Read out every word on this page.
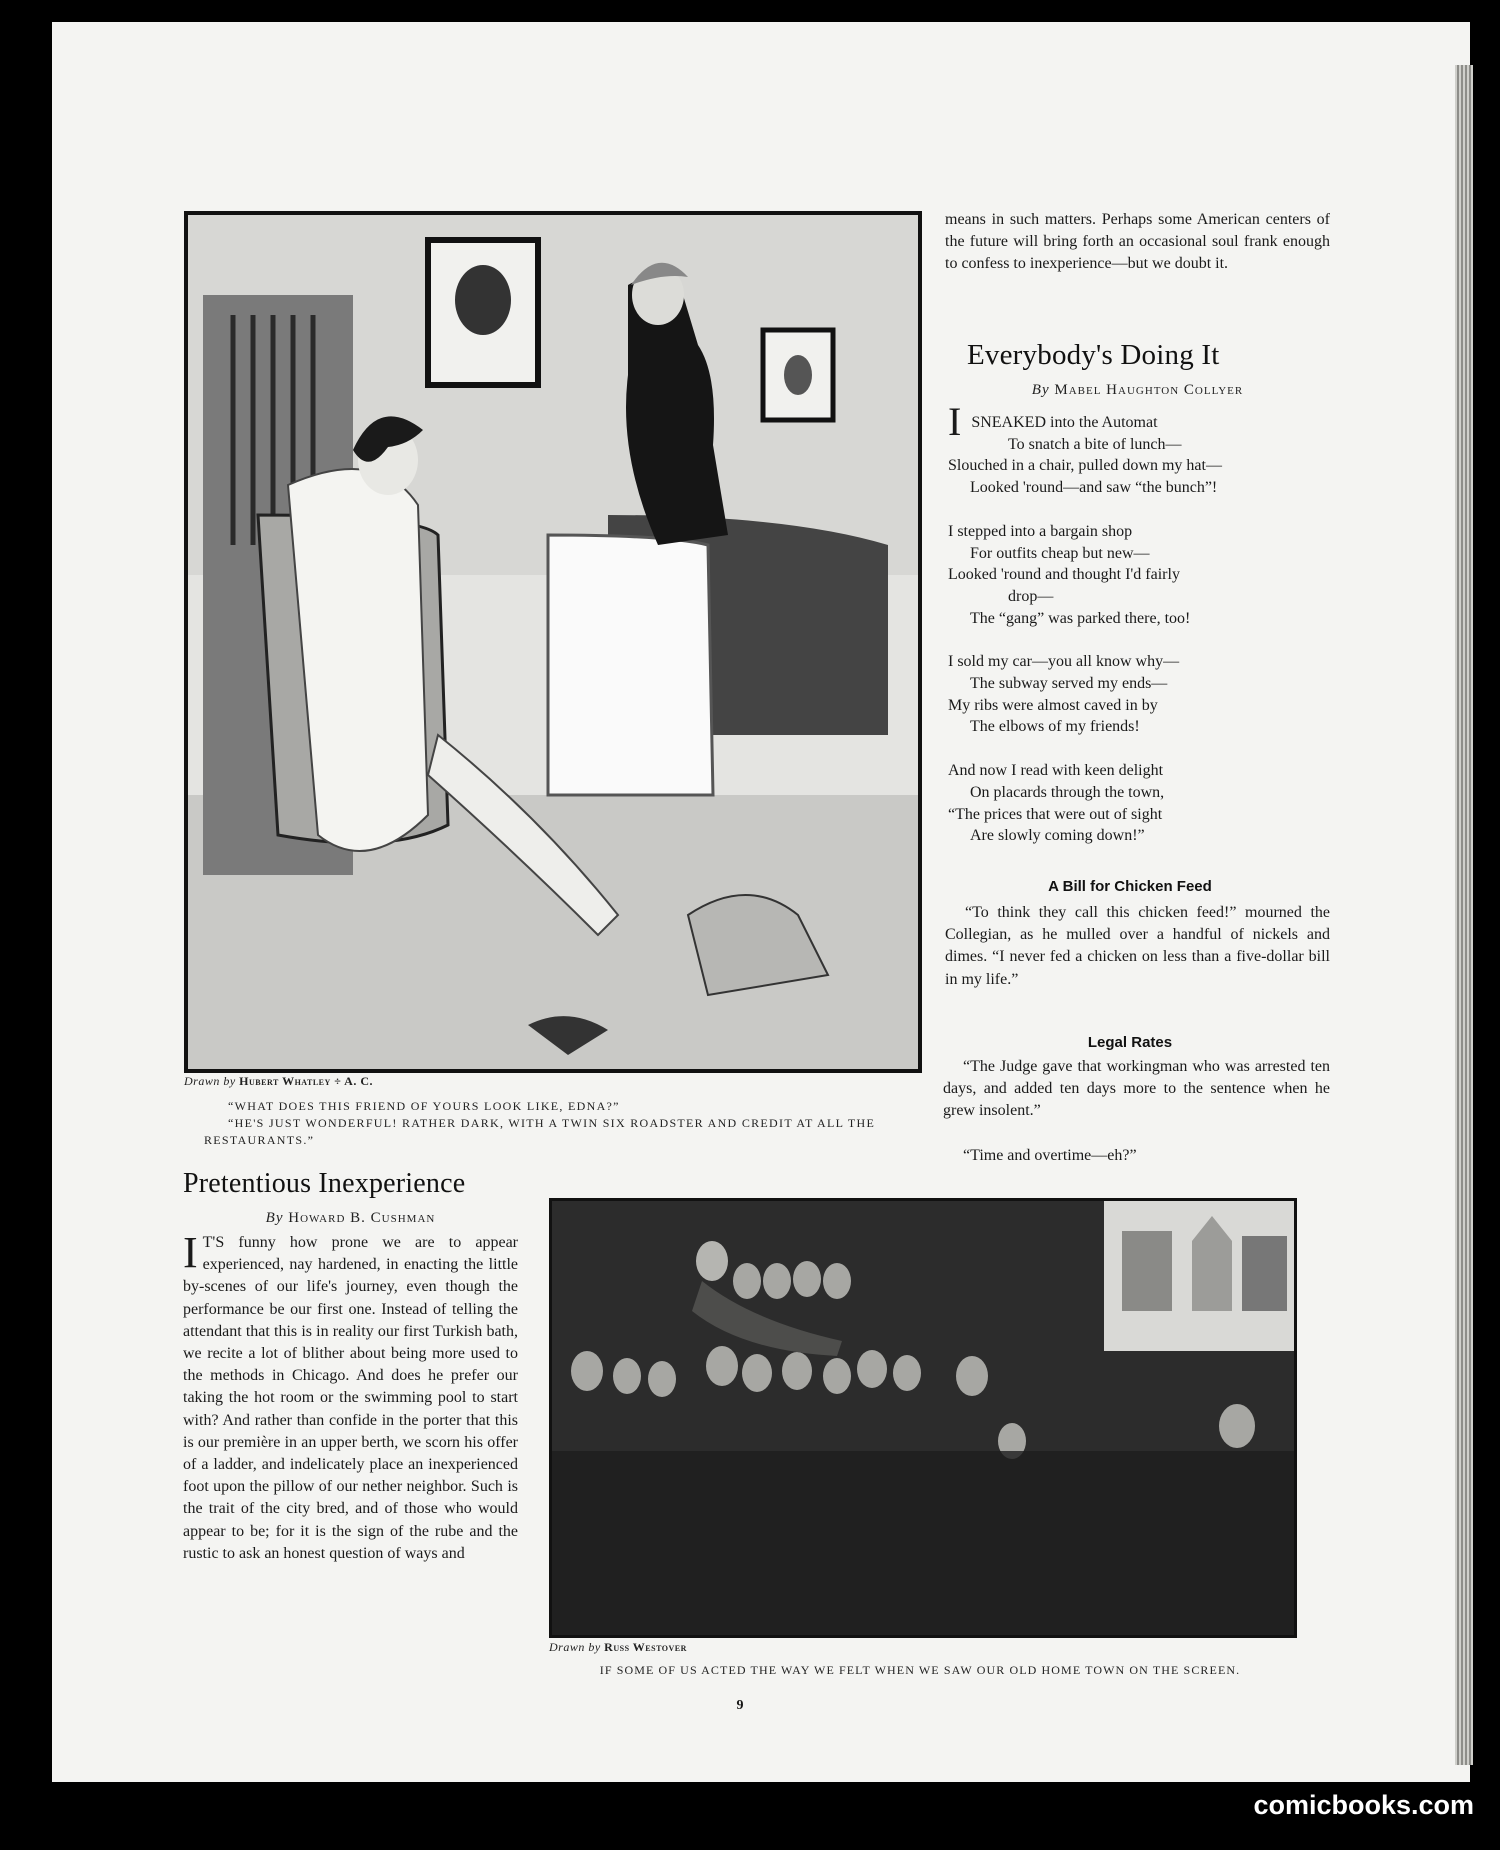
Drawn by Hubert Whatley ÷ A. C.
“WHAT DOES THIS FRIEND OF YOURS LOOK LIKE, EDNA?”
“HE'S JUST WONDERFUL! RATHER DARK, WITH A TWIN SIX ROADSTER AND CREDIT AT ALL THE RESTAURANTS.”

means in such matters. Perhaps some American centers of the future will bring forth an occasional soul frank enough to confess to inexperience—but we doubt it.

Everybody's Doing It
By Mabel Haughton Collyer
ISNEAKED into the Automat
To snatch a bite of lunch—
Slouched in a chair, pulled down my hat—
Looked 'round—and saw “the bunch”!
I stepped into a bargain shop
For outfits cheap but new—
Looked 'round and thought I'd fairly
drop—
The “gang” was parked there, too!
I sold my car—you all know why—
The subway served my ends—
My ribs were almost caved in by
The elbows of my friends!
And now I read with keen delight
On placards through the town,
“The prices that were out of sight
Are slowly coming down!”
A Bill for Chicken Feed

“To think they call this chicken feed!” mourned the Collegian, as he mulled over a handful of nickels and dimes. “I never fed a chicken on less than a five-dollar bill in my life.”

Legal Rates

“The Judge gave that workingman who was arrested ten days, and added ten days more to the sentence when he grew insolent.”

“Time and overtime—eh?”

Pretentious Inexperience
By Howard B. Cushman

I T'S funny how prone we are to appear experienced, nay hardened, in enacting the little by-scenes of our life's journey, even though the performance be our first one. Instead of telling the attendant that this is in reality our first Turkish bath, we recite a lot of blither about being more used to the methods in Chicago. And does he prefer our taking the hot room or the swimming pool to start with? And rather than confide in the porter that this is our première in an upper berth, we scorn his offer of a ladder, and indelicately place an inexperienced foot upon the pillow of our nether neighbor. Such is the trait of the city bred, and of those who would appear to be; for it is the sign of the rube and the rustic to ask an honest question of ways and

Drawn by Russ Westover
IF SOME OF US ACTED THE WAY WE FELT WHEN WE SAW OUR OLD HOME TOWN ON THE SCREEN.
9
comicbooks.com
